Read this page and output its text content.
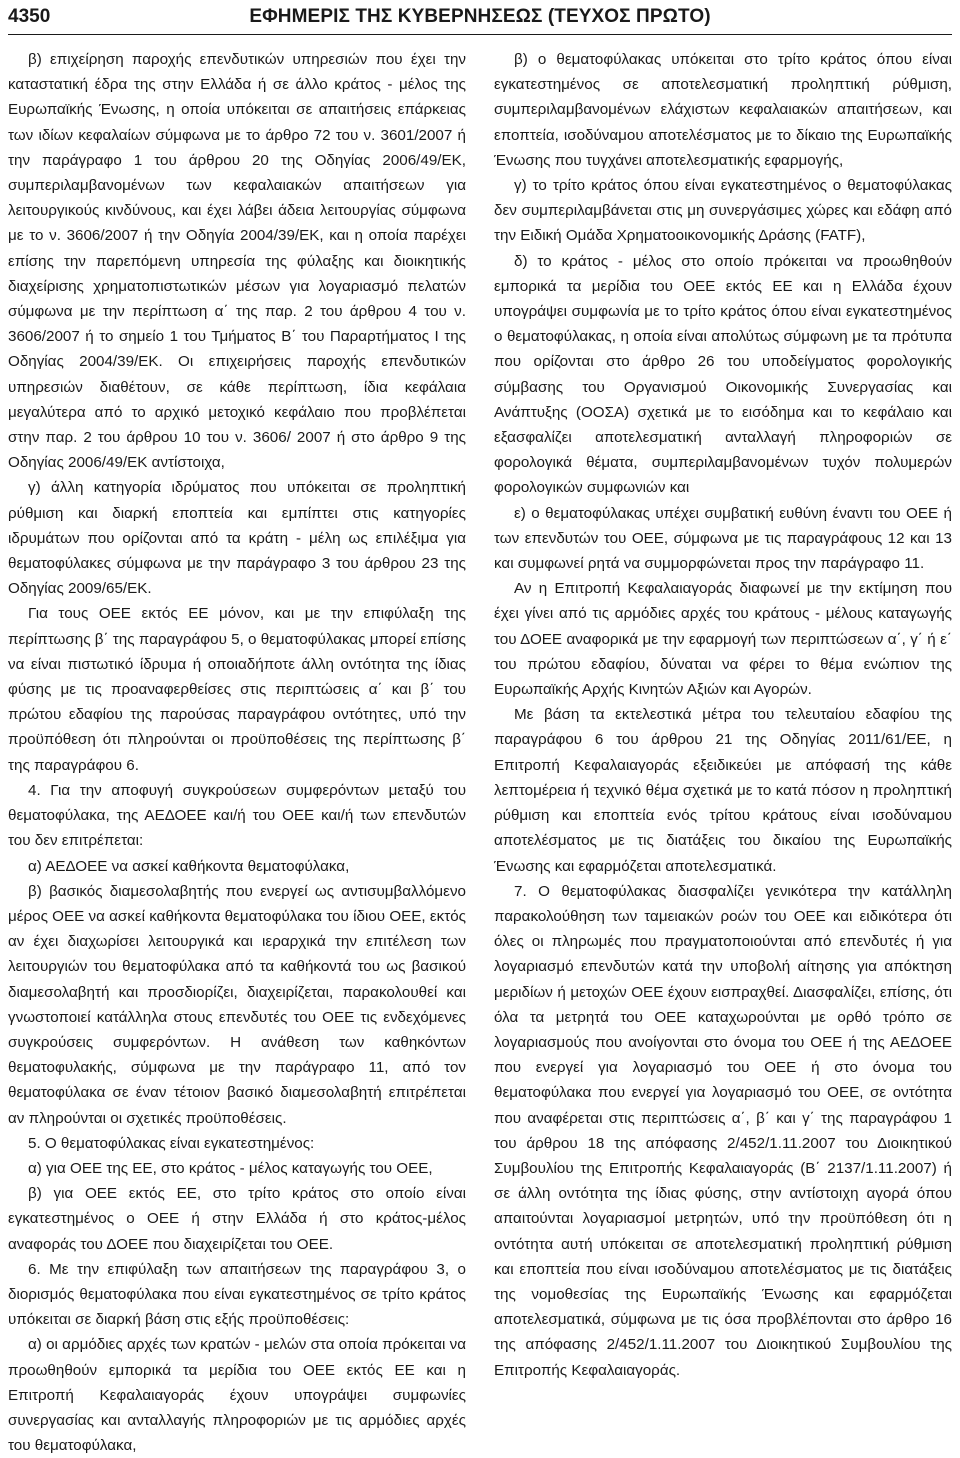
4350	ΕΦΗΜΕΡΙΣ ΤΗΣ ΚΥΒΕΡΝΗΣΕΩΣ (ΤΕΥΧΟΣ ΠΡΩΤΟ)

β) επιχείρηση παροχής επενδυτικών υπηρεσιών που έχει την καταστατική έδρα της στην Ελλάδα ή σε άλλο κράτος - μέλος της Ευρωπαϊκής Ένωσης, η οποία υπόκειται σε απαιτήσεις επάρκειας των ιδίων κεφαλαίων σύμφωνα με το άρθρο 72 του ν. 3601/2007 ή την παράγραφο 1 του άρθρου 20 της Οδηγίας 2006/49/ΕΚ, συμπεριλαμβανομένων των κεφαλαιακών απαιτήσεων για λειτουργικούς κινδύνους, και έχει λάβει άδεια λειτουργίας σύμφωνα με το ν. 3606/2007 ή την Οδηγία 2004/39/ΕΚ, και η οποία παρέχει επίσης την παρεπόμενη υπηρεσία της φύλαξης και διοικητικής διαχείρισης χρηματοπιστωτικών μέσων για λογαριασμό πελατών σύμφωνα με την περίπτωση α΄ της παρ. 2 του άρθρου 4 του ν. 3606/2007 ή το σημείο 1 του Τμήματος Β΄ του Παραρτήματος Ι της Οδηγίας 2004/39/ΕΚ. Οι επιχειρήσεις παροχής επενδυτικών υπηρεσιών διαθέτουν, σε κάθε περίπτωση, ίδια κεφάλαια μεγαλύτερα από το αρχικό μετοχικό κεφάλαιο που προβλέπεται στην παρ. 2 του άρθρου 10 του ν. 3606/ 2007 ή στο άρθρο 9 της Οδηγίας 2006/49/ΕΚ αντίστοιχα,

γ) άλλη κατηγορία ιδρύματος που υπόκειται σε προληπτική ρύθμιση και διαρκή εποπτεία και εμπίπτει στις κατηγορίες ιδρυμάτων που ορίζονται από τα κράτη - μέλη ως επιλέξιμα για θεματοφύλακες σύμφωνα με την παράγραφο 3 του άρθρου 23 της Οδηγίας 2009/65/ΕΚ.

Για τους ΟΕΕ εκτός ΕΕ μόνον, και με την επιφύλαξη της περίπτωσης β΄ της παραγράφου 5, ο θεματοφύλακας μπορεί επίσης να είναι πιστωτικό ίδρυμα ή οποιαδήποτε άλλη οντότητα της ίδιας φύσης με τις προαναφερθείσες στις περιπτώσεις α΄ και β΄ του πρώτου εδαφίου της παρούσας παραγράφου οντότητες, υπό την προϋπόθεση ότι πληρούνται οι προϋποθέσεις της περίπτωσης β΄ της παραγράφου 6.

4. Για την αποφυγή συγκρούσεων συμφερόντων μεταξύ του θεματοφύλακα, της ΑΕΔΟΕΕ και/ή του ΟΕΕ και/ή των επενδυτών του δεν επιτρέπεται:

α) ΑΕΔΟΕΕ να ασκεί καθήκοντα θεματοφύλακα,

β) βασικός διαμεσολαβητής που ενεργεί ως αντισυμβαλλόμενο μέρος ΟΕΕ να ασκεί καθήκοντα θεματοφύλακα του ίδιου ΟΕΕ, εκτός αν έχει διαχωρίσει λειτουργικά και ιεραρχικά την επιτέλεση των λειτουργιών του θεματοφύλακα από τα καθήκοντά του ως βασικού διαμεσολαβητή και προσδιορίζει, διαχειρίζεται, παρακολουθεί και γνωστοποιεί κατάλληλα στους επενδυτές του ΟΕΕ τις ενδεχόμενες συγκρούσεις συμφερόντων. Η ανάθεση των καθηκόντων θεματοφυλακής, σύμφωνα με την παράγραφο 11, από τον θεματοφύλακα σε έναν τέτοιον βασικό διαμεσολαβητή επιτρέπεται αν πληρούνται οι σχετικές προϋποθέσεις.

5. Ο θεματοφύλακας είναι εγκατεστημένος:

α) για ΟΕΕ της ΕΕ, στο κράτος - μέλος καταγωγής του ΟΕΕ,

β) για ΟΕΕ εκτός ΕΕ, στο τρίτο κράτος στο οποίο είναι εγκατεστημένος ο ΟΕΕ ή στην Ελλάδα ή στο κράτος-μέλος αναφοράς του ΔΟΕΕ που διαχειρίζεται του ΟΕΕ.

6. Με την επιφύλαξη των απαιτήσεων της παραγράφου 3, ο διορισμός θεματοφύλακα που είναι εγκατεστημένος σε τρίτο κράτος υπόκειται σε διαρκή βάση στις εξής προϋποθέσεις:

α) οι αρμόδιες αρχές των κρατών - μελών στα οποία πρόκειται να προωθηθούν εμπορικά τα μερίδια του ΟΕΕ εκτός ΕΕ και η Επιτροπή Κεφαλαιαγοράς έχουν υπογράψει συμφωνίες συνεργασίας και ανταλλαγής πληροφοριών με τις αρμόδιες αρχές του θεματοφύλακα,

β) ο θεματοφύλακας υπόκειται στο τρίτο κράτος όπου είναι εγκατεστημένος σε αποτελεσματική προληπτική ρύθμιση, συμπεριλαμβανομένων ελάχιστων κεφαλαιακών απαιτήσεων, και εποπτεία, ισοδύναμου αποτελέσματος με το δίκαιο της Ευρωπαϊκής Ένωσης που τυγχάνει αποτελεσματικής εφαρμογής,

γ) το τρίτο κράτος όπου είναι εγκατεστημένος ο θεματοφύλακας δεν συμπεριλαμβάνεται στις μη συνεργάσιμες χώρες και εδάφη από την Ειδική Ομάδα Χρηματοοικονομικής Δράσης (FATF),

δ) το κράτος - μέλος στο οποίο πρόκειται να προωθηθούν εμπορικά τα μερίδια του ΟΕΕ εκτός ΕΕ και η Ελλάδα έχουν υπογράψει συμφωνία με το τρίτο κράτος όπου είναι εγκατεστημένος ο θεματοφύλακας, η οποία είναι απολύτως σύμφωνη με τα πρότυπα που ορίζονται στο άρθρο 26 του υποδείγματος φορολογικής σύμβασης του Οργανισμού Οικονομικής Συνεργασίας και Ανάπτυξης (ΟΟΣΑ) σχετικά με το εισόδημα και το κεφάλαιο και εξασφαλίζει αποτελεσματική ανταλλαγή πληροφοριών σε φορολογικά θέματα, συμπεριλαμβανομένων τυχόν πολυμερών φορολογικών συμφωνιών και

ε) ο θεματοφύλακας υπέχει συμβατική ευθύνη έναντι του ΟΕΕ ή των επενδυτών του ΟΕΕ, σύμφωνα με τις παραγράφους 12 και 13 και συμφωνεί ρητά να συμμορφώνεται προς την παράγραφο 11.

Αν η Επιτροπή Κεφαλαιαγοράς διαφωνεί με την εκτίμηση που έχει γίνει από τις αρμόδιες αρχές του κράτους - μέλους καταγωγής του ΔΟΕΕ αναφορικά με την εφαρμογή των περιπτώσεων α΄, γ΄ ή ε΄ του πρώτου εδαφίου, δύναται να φέρει το θέμα ενώπιον της Ευρωπαϊκής Αρχής Κινητών Αξιών και Αγορών.

Με βάση τα εκτελεστικά μέτρα του τελευταίου εδαφίου της παραγράφου 6 του άρθρου 21 της Οδηγίας 2011/61/ΕΕ, η Επιτροπή Κεφαλαιαγοράς εξειδικεύει με απόφασή της κάθε λεπτομέρεια ή τεχνικό θέμα σχετικά με το κατά πόσον η προληπτική ρύθμιση και εποπτεία ενός τρίτου κράτους είναι ισοδύναμου αποτελέσματος με τις διατάξεις του δικαίου της Ευρωπαϊκής Ένωσης και εφαρμόζεται αποτελεσματικά.

7. Ο θεματοφύλακας διασφαλίζει γενικότερα την κατάλληλη παρακολούθηση των ταμειακών ροών του ΟΕΕ και ειδικότερα ότι όλες οι πληρωμές που πραγματοποιούνται από επενδυτές ή για λογαριασμό επενδυτών κατά την υποβολή αίτησης για απόκτηση μεριδίων ή μετοχών ΟΕΕ έχουν εισπραχθεί. Διασφαλίζει, επίσης, ότι όλα τα μετρητά του ΟΕΕ καταχωρούνται με ορθό τρόπο σε λογαριασμούς που ανοίγονται στο όνομα του ΟΕΕ ή της ΑΕΔΟΕΕ που ενεργεί για λογαριασμό του ΟΕΕ ή στο όνομα του θεματοφύλακα που ενεργεί για λογαριασμό του ΟΕΕ, σε οντότητα που αναφέρεται στις περιπτώσεις α΄, β΄ και γ΄ της παραγράφου 1 του άρθρου 18 της απόφασης 2/452/1.11.2007 του Διοικητικού Συμβουλίου της Επιτροπής Κεφαλαιαγοράς (Β΄ 2137/1.11.2007) ή σε άλλη οντότητα της ίδιας φύσης, στην αντίστοιχη αγορά όπου απαιτούνται λογαριασμοί μετρητών, υπό την προϋπόθεση ότι η οντότητα αυτή υπόκειται σε αποτελεσματική προληπτική ρύθμιση και εποπτεία που είναι ισοδύναμου αποτελέσματος με τις διατάξεις της νομοθεσίας της Ευρωπαϊκής Ένωσης και εφαρμόζεται αποτελεσματικά, σύμφωνα με τις όσα προβλέπονται στο άρθρο 16 της απόφασης 2/452/1.11.2007 του Διοικητικού Συμβουλίου της Επιτροπής Κεφαλαιαγοράς.
